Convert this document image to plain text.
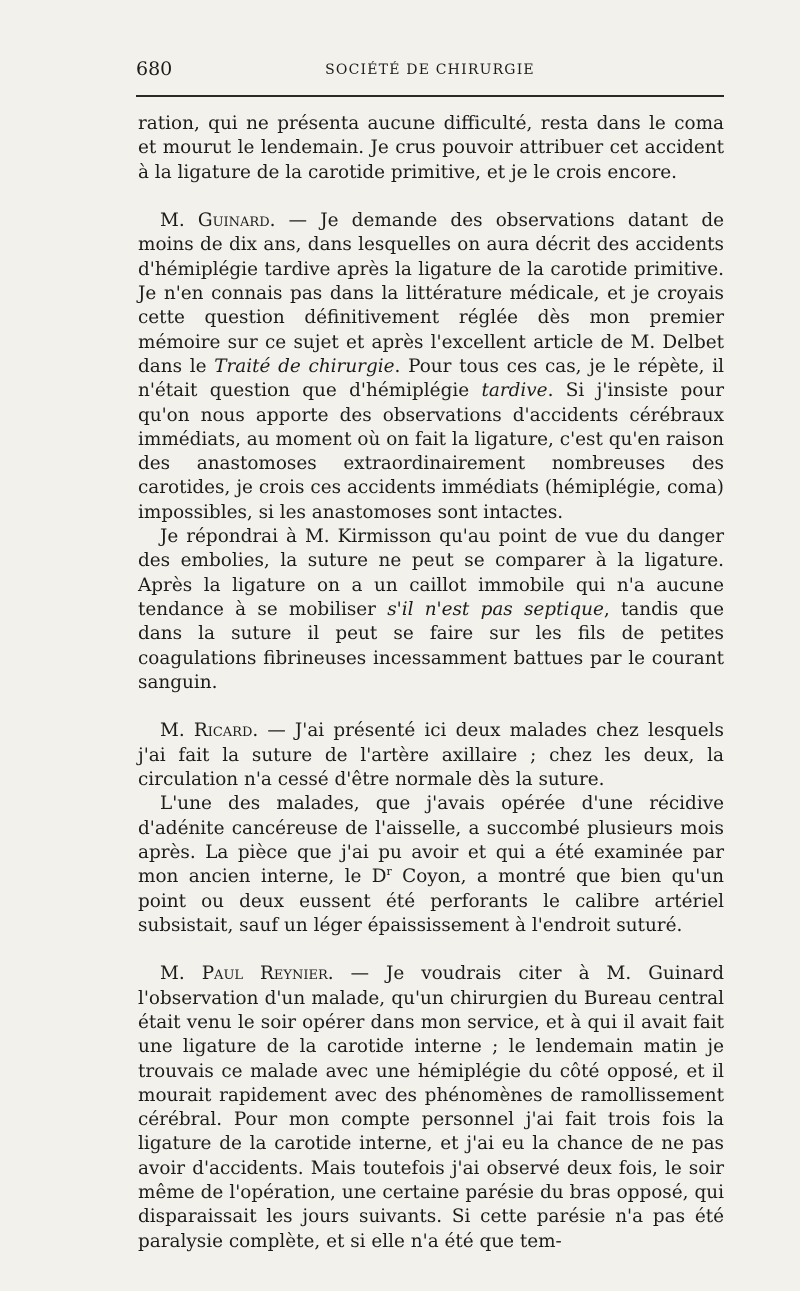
680	SOCIÉTÉ DE CHIRURGIE

ration, qui ne présenta aucune difficulté, resta dans le coma et mourut le lendemain. Je crus pouvoir attribuer cet accident à la ligature de la carotide primitive, et je le crois encore.

M. Guinard. — Je demande des observations datant de moins de dix ans, dans lesquelles on aura décrit des accidents d'hémiplégie tardive après la ligature de la carotide primitive. Je n'en connais pas dans la littérature médicale, et je croyais cette question définitivement réglée dès mon premier mémoire sur ce sujet et après l'excellent article de M. Delbet dans le Traité de chirurgie. Pour tous ces cas, je le répète, il n'était question que d'hémiplégie tardive. Si j'insiste pour qu'on nous apporte des observations d'accidents cérébraux immédiats, au moment où on fait la ligature, c'est qu'en raison des anastomoses extraordinairement nombreuses des carotides, je crois ces accidents immédiats (hémiplégie, coma) impossibles, si les anastomoses sont intactes.

Je répondrai à M. Kirmisson qu'au point de vue du danger des embolies, la suture ne peut se comparer à la ligature. Après la ligature on a un caillot immobile qui n'a aucune tendance à se mobiliser s'il n'est pas septique, tandis que dans la suture il peut se faire sur les fils de petites coagulations fibrineuses incessamment battues par le courant sanguin.

M. Ricard. — J'ai présenté ici deux malades chez lesquels j'ai fait la suture de l'artère axillaire ; chez les deux, la circulation n'a cessé d'être normale dès la suture.

L'une des malades, que j'avais opérée d'une récidive d'adénite cancéreuse de l'aisselle, a succombé plusieurs mois après. La pièce que j'ai pu avoir et qui a été examinée par mon ancien interne, le $D^r$ Coyon, a montré que bien qu'un point ou deux eussent été perforants le calibre artériel subsistait, sauf un léger épaississement à l'endroit suturé.

M. Paul Reynier. — Je voudrais citer à M. Guinard l'observation d'un malade, qu'un chirurgien du Bureau central était venu le soir opérer dans mon service, et à qui il avait fait une ligature de la carotide interne ; le lendemain matin je trouvais ce malade avec une hémiplégie du côté opposé, et il mourait rapidement avec des phénomènes de ramollissement cérébral. Pour mon compte personnel j'ai fait trois fois la ligature de la carotide interne, et j'ai eu la chance de ne pas avoir d'accidents. Mais toutefois j'ai observé deux fois, le soir même de l'opération, une certaine parésie du bras opposé, qui disparaissait les jours suivants. Si cette parésie n'a pas été paralysie complète, et si elle n'a été que tem-
